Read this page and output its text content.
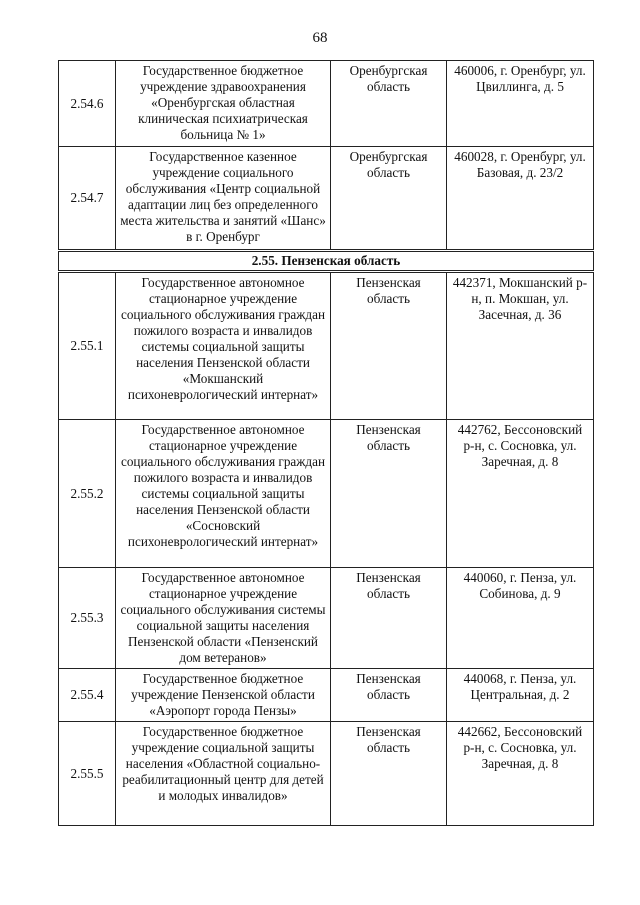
68
2.54.6	Государственное бюджетное учреждение здравоохранения «Оренбургская областная клиническая психиатрическая больница № 1»	Оренбургская область	460006, г. Оренбург, ул. Цвиллинга, д. 5
2.54.7	Государственное казенное учреждение социального обслуживания «Центр социальной адаптации лиц без определенного места жительства и занятий «Шанс» в г. Оренбург	Оренбургская область	460028, г. Оренбург, ул. Базовая, д. 23/2
2.55. Пензенская область			
2.55.1	Государственное автономное стационарное учреждение социального обслуживания граждан пожилого возраста и инвалидов системы социальной защиты населения Пензенской области «Мокшанский психоневрологический интернат»	Пензенская область	442371, Мокшанский р-н, п. Мокшан, ул. Засечная, д. 36
2.55.2	Государственное автономное стационарное учреждение социального обслуживания граждан пожилого возраста и инвалидов системы социальной защиты населения Пензенской области «Сосновский психоневрологический интернат»	Пензенская область	442762, Бессоновский р-н, с. Сосновка, ул. Заречная, д. 8
2.55.3	Государственное автономное стационарное учреждение социального обслуживания системы социальной защиты населения Пензенской области «Пензенский дом ветеранов»	Пензенская область	440060, г. Пенза, ул. Собинова, д. 9
2.55.4	Государственное бюджетное учреждение Пензенской области «Аэропорт города Пензы»	Пензенская область	440068, г. Пенза, ул. Центральная, д. 2
2.55.5	Государственное бюджетное учреждение социальной защиты населения «Областной социально-реабилитационный центр для детей и молодых инвалидов»	Пензенская область	442662, Бессоновский р-н, с. Сосновка, ул. Заречная, д. 8
